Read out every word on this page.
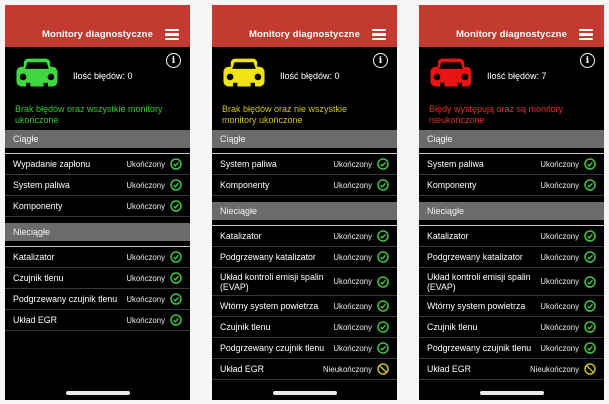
Monitory diagnostyczne
Ilość błędów: 0
i
Brak błędów oraz wszystkie monitory ukończone
Ciągłe
Wypadanie zapłonu	Ukończony
System paliwa	Ukończony
Komponenty	Ukończony
Nieciągłe
Katalizator	Ukończony
Czujnik tlenu	Ukończony
Podgrzewany czujnik tlenu	Ukończony
Układ EGR	Ukończony
Monitory diagnostyczne
Ilość błędów: 0
i
Brak błędów oraz nie wszystkie monitory ukończone
Ciągłe
System paliwa	Ukończony
Komponenty	Ukończony
Nieciągłe
Katalizator	Ukończony
Podgrzewany katalizator	Ukończony
Układ kontroli emisji spalin (EVAP)	Ukończony
Wtórny system powietrza	Ukończony
Czujnik tlenu	Ukończony
Podgrzewany czujnik tlenu	Ukończony
Układ EGR	Nieukończony
Monitory diagnostyczne
Ilość błędów: 7
i
Błędy występują oraz są monitory nieukończone
Ciągłe
System paliwa	Ukończony
Komponenty	Ukończony
Nieciągłe
Katalizator	Ukończony
Podgrzewany katalizator	Ukończony
Układ kontroli emisji spalin (EVAP)	Ukończony
Wtórny system powietrza	Ukończony
Czujnik tlenu	Ukończony
Podgrzewany czujnik tlenu	Ukończony
Układ EGR	Nieukończony
